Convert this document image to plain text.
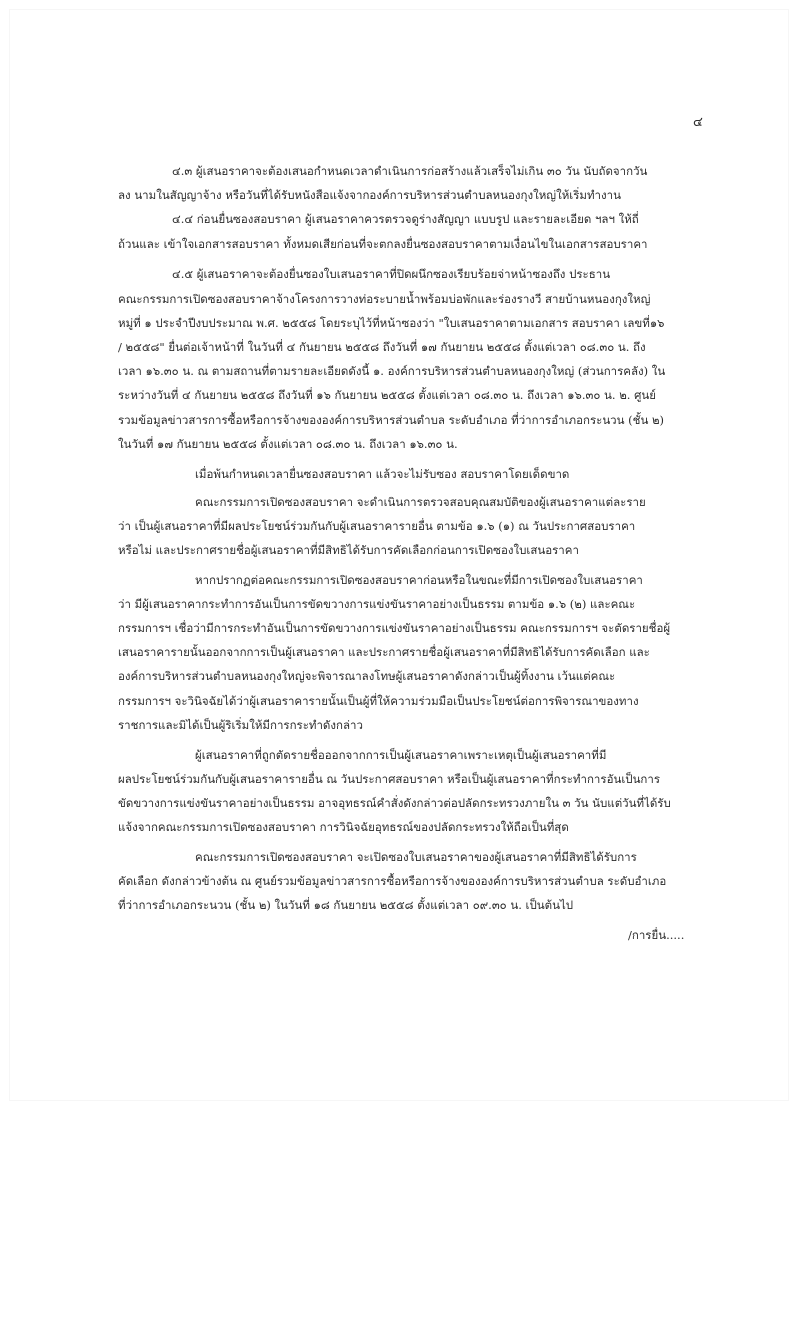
๔
๔.๓ ผู้เสนอราคาจะต้องเสนอกำหนดเวลาดำเนินการก่อสร้างแล้วเสร็จไม่เกิน ๓๐ วัน นับถัดจากวัน
ลง นามในสัญญาจ้าง หรือวันที่ได้รับหนังสือแจ้งจากองค์การบริหารส่วนตำบลหนองกุงใหญ่ให้เริ่มทำงาน
๔.๔ ก่อนยื่นซองสอบราคา ผู้เสนอราคาควรตรวจดูร่างสัญญา แบบรูป และรายละเอียด ฯลฯ ให้ถี่
ถ้วนและ เข้าใจเอกสารสอบราคา ทั้งหมดเสียก่อนที่จะตกลงยื่นซองสอบราคาตามเงื่อนไขในเอกสารสอบราคา
๔.๕ ผู้เสนอราคาจะต้องยื่นซองใบเสนอราคาที่ปิดผนึกซองเรียบร้อยจ่าหน้าซองถึง ประธาน
คณะกรรมการเปิดซองสอบราคาจ้างโครงการวางท่อระบายน้ำพร้อมบ่อพักและร่องรางวี สายบ้านหนองกุงใหญ่
หมู่ที่ ๑ ประจำปีงบประมาณ พ.ศ. ๒๕๕๘ โดยระบุไว้ที่หน้าซองว่า "ใบเสนอราคาตามเอกสาร สอบราคา เลขที่๑๖
/ ๒๕๕๘" ยื่นต่อเจ้าหน้าที่ ในวันที่ ๔ กันยายน ๒๕๕๘ ถึงวันที่ ๑๗ กันยายน ๒๕๕๘ ตั้งแต่เวลา ๐๘.๓๐ น. ถึง
เวลา ๑๖.๓๐ น. ณ ตามสถานที่ตามรายละเอียดดังนี้ ๑. องค์การบริหารส่วนตำบลหนองกุงใหญ่ (ส่วนการคลัง) ใน
ระหว่างวันที่ ๔ กันยายน ๒๕๕๘ ถึงวันที่ ๑๖ กันยายน ๒๕๕๘ ตั้งแต่เวลา ๐๘.๓๐ น. ถึงเวลา ๑๖.๓๐ น. ๒. ศูนย์
รวมข้อมูลข่าวสารการซื้อหรือการจ้างขององค์การบริหารส่วนตำบล ระดับอำเภอ ที่ว่าการอำเภอกระนวน (ชั้น ๒)
ในวันที่ ๑๗ กันยายน ๒๕๕๘ ตั้งแต่เวลา ๐๘.๓๐ น. ถึงเวลา ๑๖.๓๐ น.
เมื่อพ้นกำหนดเวลายื่นซองสอบราคา แล้วจะไม่รับซอง สอบราคาโดยเด็ดขาด
คณะกรรมการเปิดซองสอบราคา จะดำเนินการตรวจสอบคุณสมบัติของผู้เสนอราคาแต่ละราย
ว่า เป็นผู้เสนอราคาที่มีผลประโยชน์ร่วมกันกับผู้เสนอราคารายอื่น ตามข้อ ๑.๖ (๑) ณ วันประกาศสอบราคา
หรือไม่ และประกาศรายชื่อผู้เสนอราคาที่มีสิทธิได้รับการคัดเลือกก่อนการเปิดซองใบเสนอราคา
หากปรากฏต่อคณะกรรมการเปิดซองสอบราคาก่อนหรือในขณะที่มีการเปิดซองใบเสนอราคา
ว่า มีผู้เสนอราคากระทำการอันเป็นการขัดขวางการแข่งขันราคาอย่างเป็นธรรม ตามข้อ ๑.๖ (๒) และคณะ
กรรมการฯ เชื่อว่ามีการกระทำอันเป็นการขัดขวางการแข่งขันราคาอย่างเป็นธรรม คณะกรรมการฯ จะตัดรายชื่อผู้
เสนอราคารายนั้นออกจากการเป็นผู้เสนอราคา และประกาศรายชื่อผู้เสนอราคาที่มีสิทธิได้รับการคัดเลือก และ
องค์การบริหารส่วนตำบลหนองกุงใหญ่จะพิจารณาลงโทษผู้เสนอราคาดังกล่าวเป็นผู้ทิ้งงาน เว้นแต่คณะ
กรรมการฯ จะวินิจฉัยได้ว่าผู้เสนอราคารายนั้นเป็นผู้ที่ให้ความร่วมมือเป็นประโยชน์ต่อการพิจารณาของทาง
ราชการและมิได้เป็นผู้ริเริ่มให้มีการกระทำดังกล่าว
ผู้เสนอราคาที่ถูกตัดรายชื่อออกจากการเป็นผู้เสนอราคาเพราะเหตุเป็นผู้เสนอราคาที่มี
ผลประโยชน์ร่วมกันกับผู้เสนอราคารายอื่น ณ วันประกาศสอบราคา หรือเป็นผู้เสนอราคาที่กระทำการอันเป็นการ
ขัดขวางการแข่งขันราคาอย่างเป็นธรรม อาจอุทธรณ์คำสั่งดังกล่าวต่อปลัดกระทรวงภายใน ๓ วัน นับแต่วันที่ได้รับ
แจ้งจากคณะกรรมการเปิดซองสอบราคา การวินิจฉัยอุทธรณ์ของปลัดกระทรวงให้ถือเป็นที่สุด
คณะกรรมการเปิดซองสอบราคา จะเปิดซองใบเสนอราคาของผู้เสนอราคาที่มีสิทธิได้รับการ
คัดเลือก ดังกล่าวข้างต้น ณ ศูนย์รวมข้อมูลข่าวสารการซื้อหรือการจ้างขององค์การบริหารส่วนตำบล ระดับอำเภอ
ที่ว่าการอำเภอกระนวน (ชั้น ๒) ในวันที่ ๑๘ กันยายน ๒๕๕๘ ตั้งแต่เวลา ๐๙.๓๐ น. เป็นต้นไป
/การยื่น.....
